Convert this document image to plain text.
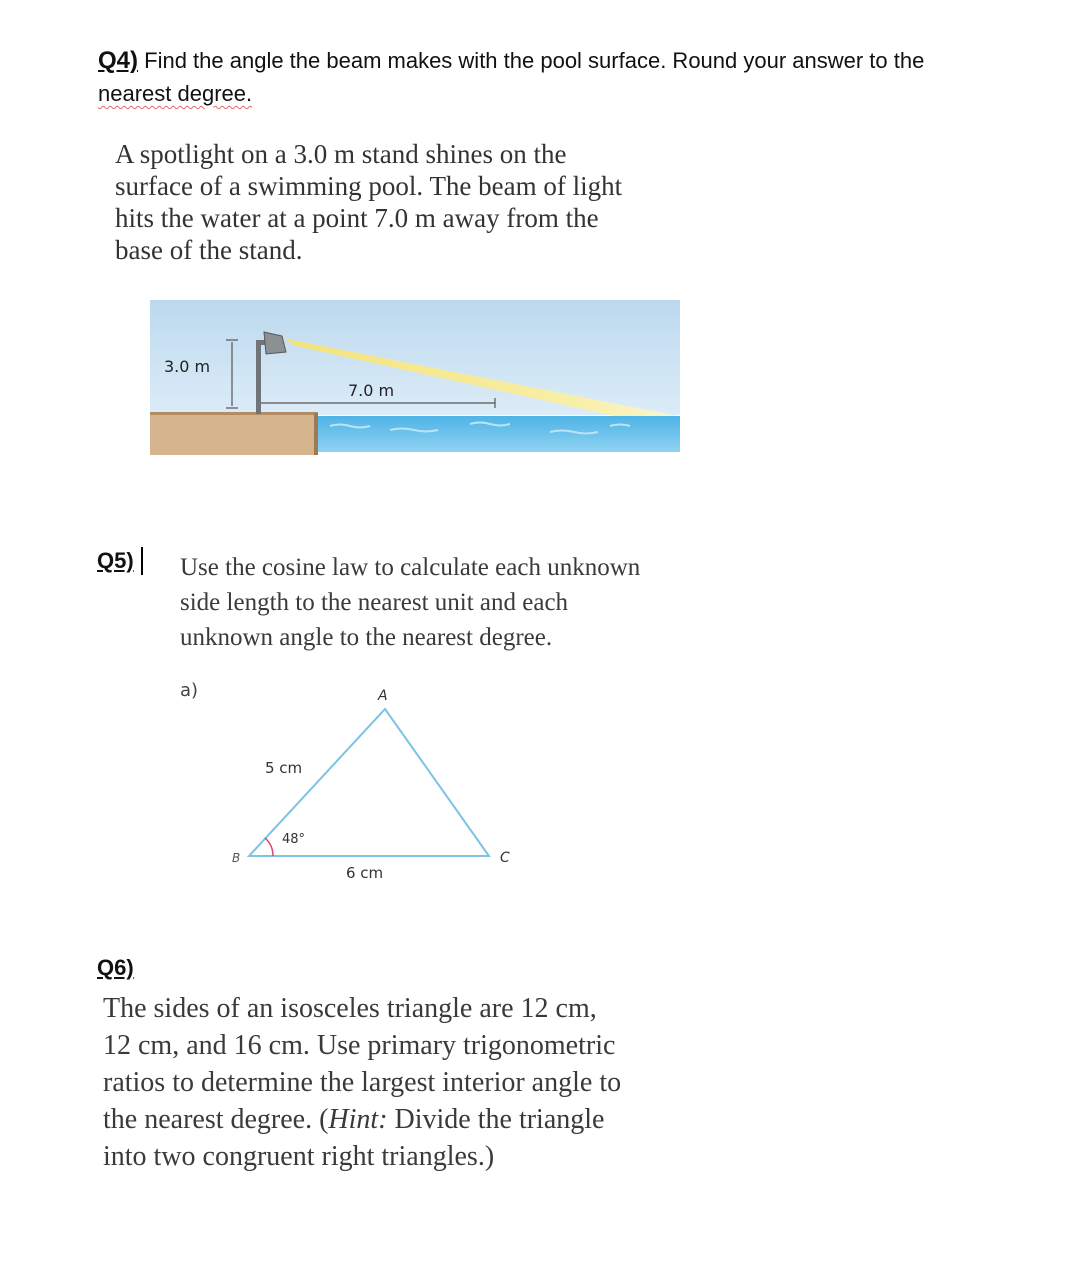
Q4) Find the angle the beam makes with the pool surface. Round your answer to the
nearest degree.
A spotlight on a 3.0 m stand shines on the
surface of a swimming pool. The beam of light
hits the water at a point 7.0 m away from the
base of the stand.
3.0 m
7.0 m
Q5) Use the cosine law to calculate each unknown
side length to the nearest unit and each
unknown angle to the nearest degree.
a)	A
B	C
5 cm
6 cm
48°
Q6)
The sides of an isosceles triangle are 12 cm,
12 cm, and 16 cm. Use primary trigonometric
ratios to determine the largest interior angle to
the nearest degree. (Hint: Divide the triangle
into two congruent right triangles.)
